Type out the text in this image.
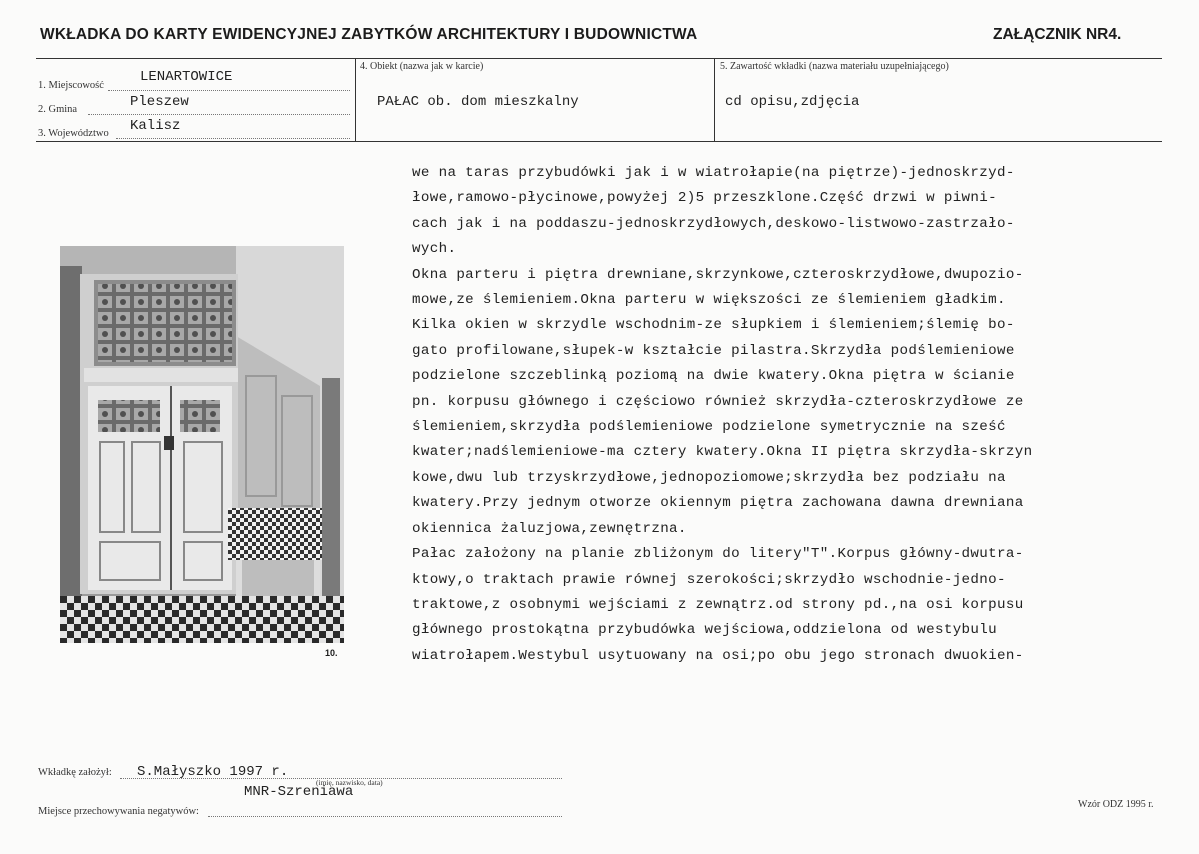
WKŁADKA DO KARTY EWIDENCYJNEJ ZABYTKÓW ARCHITEKTURY I BUDOWNICTWA	ZAŁĄCZNIK NR4.
1. Miejscowość
LENARTOWICE
2. Gmina	Pleszew
3. Województwo Kalisz
4. Obiekt (nazwa jak w karcie)
PAŁAC ob. dom mieszkalny
5. Zawartość wkładki (nazwa materiału uzupełniającego)
cd opisu,zdjęcia
we na taras przybudówki jak i w wiatrołapie(na piętrze)-jednoskrzyd-
łowe,ramowo-płycinowe,powyżej 2)5 przeszklone.Część drzwi w piwni-
cach jak i na poddaszu-jednoskrzydłowych,deskowo-listwowo-zastrzało-
wych.
Okna parteru i piętra drewniane,skrzynkowe,czteroskrzydłowe,dwupozio-
mowe,ze ślemieniem.Okna parteru w większości ze ślemieniem gładkim.
Kilka okien w skrzydle wschodnim-ze słupkiem i ślemieniem;ślemię bo-
gato profilowane,słupek-w kształcie pilastra.Skrzydła podślemieniowe
podzielone szczeblinką poziomą na dwie kwatery.Okna piętra w ścianie
pn. korpusu głównego i częściowo również skrzydła-czteroskrzydłowe ze
ślemieniem,skrzydła podślemieniowe podzielone symetrycznie na sześć
kwater;nadślemieniowe-ma cztery kwatery.Okna II piętra skrzydła-skrzyn
kowe,dwu lub trzyskrzydłowe,jednopoziomowe;skrzydła bez podziału na
kwatery.Przy jednym otworze okiennym piętra zachowana dawna drewniana
okiennica żaluzjowa,zewnętrzna.
Pałac założony na planie zbliżonym do litery"T".Korpus główny-dwutra-
ktowy,o traktach prawie równej szerokości;skrzydło wschodnie-jedno-
traktowe,z osobnymi wejściami z zewnątrz.od strony pd.,na osi korpusu
głównego prostokątna przybudówka wejściowa,oddzielona od westybulu
wiatrołapem.Westybul usytuowany na osi;po obu jego stronach dwuokien-
10.
Wkładkę założył: S.Małyszko 1997 r.
(imię, nazwisko, data)
MNR-Szreniawa
Miejsce przechowywania negatywów:
Wzór ODZ 1995 r.
